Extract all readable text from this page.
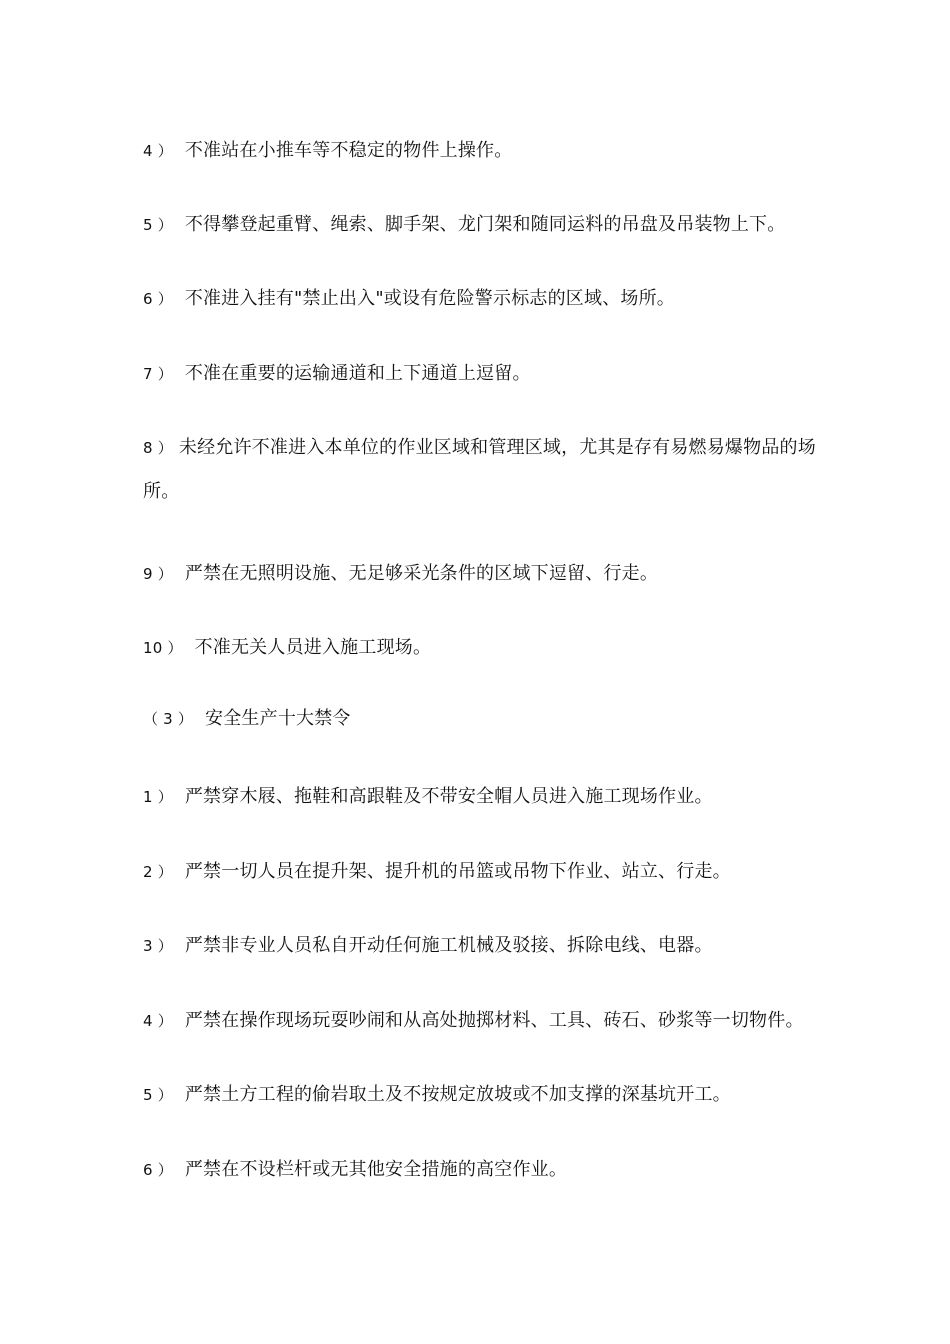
4 ） 不准站在小推车等不稳定的物件上操作。
5 ） 不得攀登起重臂、绳索、脚手架、龙门架和随同运料的吊盘及吊装物上下。
6 ） 不准进入挂有"禁止出入"或设有危险警示标志的区域、场所。
7 ） 不准在重要的运输通道和上下通道上逗留。
8 ） 未经允许不准进入本单位的作业区域和管理区域，尤其是存有易燃易爆物品的场所。
9 ） 严禁在无照明设施、无足够采光条件的区域下逗留、行走。
10 ） 不准无关人员进入施工现场。
（ 3 ） 安全生产十大禁令
1 ） 严禁穿木屐、拖鞋和高跟鞋及不带安全帽人员进入施工现场作业。
2 ） 严禁一切人员在提升架、提升机的吊篮或吊物下作业、站立、行走。
3 ） 严禁非专业人员私自开动任何施工机械及驳接、拆除电线、电器。
4 ） 严禁在操作现场玩耍吵闹和从高处抛掷材料、工具、砖石、砂浆等一切物件。
5 ） 严禁土方工程的偷岩取土及不按规定放坡或不加支撑的深基坑开工。
6 ） 严禁在不设栏杆或无其他安全措施的高空作业。
